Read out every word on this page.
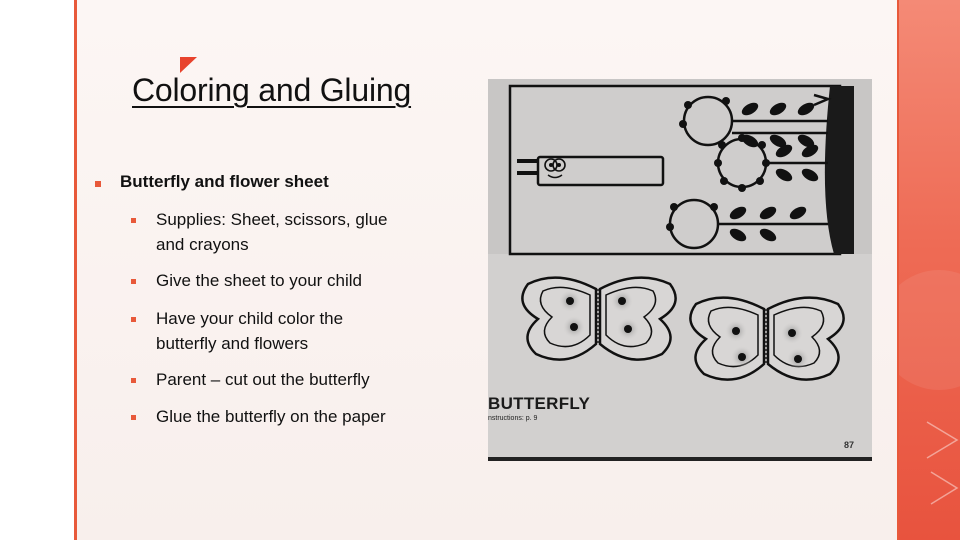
Coloring and Gluing
Butterfly and flower sheet
Supplies: Sheet, scissors, glue and crayons
Give the sheet to your child
Have your child color the butterfly and flowers
Parent – cut out the butterfly
Glue the butterfly on the paper
BUTTERFLY
nstructions: p. 9
87
